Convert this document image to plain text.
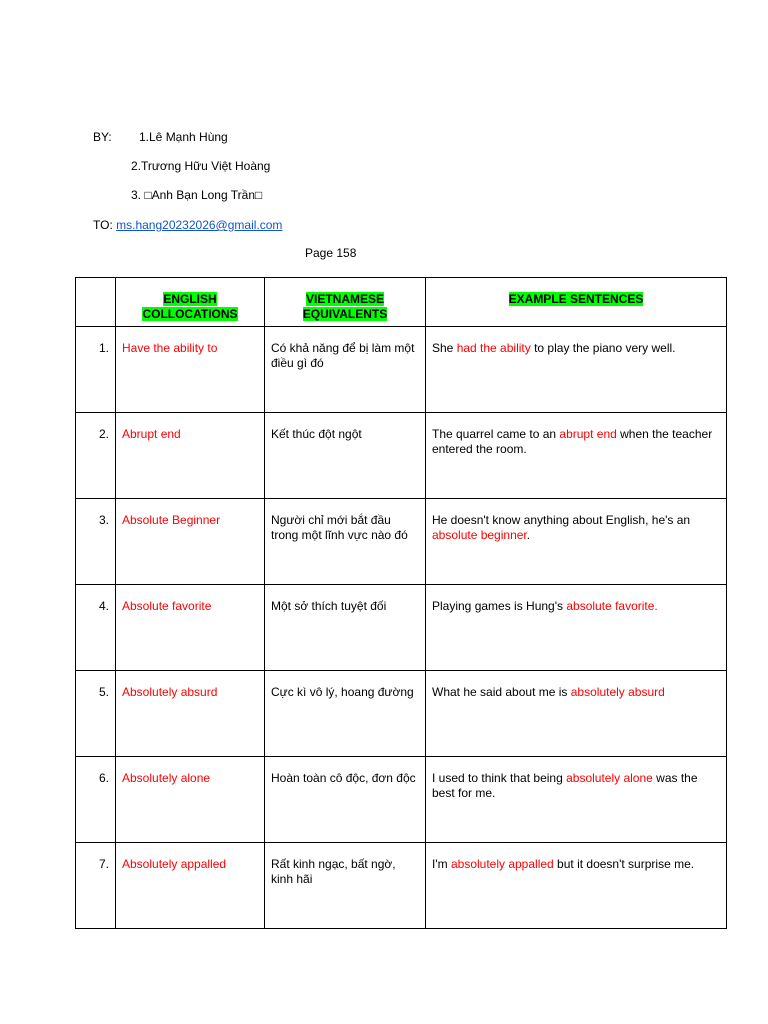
BY: 1.Lê Mạnh Hùng
2.Trương Hữu Việt Hoàng
3. □Anh Bạn Long Trần□
TO: ms.hang20232026@gmail.com
Page 158
	ENGLISH COLLOCATIONS	VIETNAMESE EQUIVALENTS	EXAMPLE SENTENCES
1.	Have the ability to	Có khả năng để bị làm một điều gì đó	She had the ability to play the piano very well.
2.	Abrupt end	Kết thúc đột ngột	The quarrel came to an abrupt end when the teacher entered the room.
3.	Absolute Beginner	Người chỉ mới bắt đầu trong một lĩnh vực nào đó	He doesn't know anything about English, he's an absolute beginner.
4.	Absolute favorite	Một sở thích tuyệt đối	Playing games is Hung's absolute favorite.
5.	Absolutely absurd	Cực kì vô lý, hoang đường	What he said about me is absolutely absurd
6.	Absolutely alone	Hoàn toàn cô độc, đơn độc	I used to think that being absolutely alone was the best for me.
7.	Absolutely appalled	Rất kinh ngạc, bất ngờ, kinh hãi	I'm absolutely appalled but it doesn't surprise me.
